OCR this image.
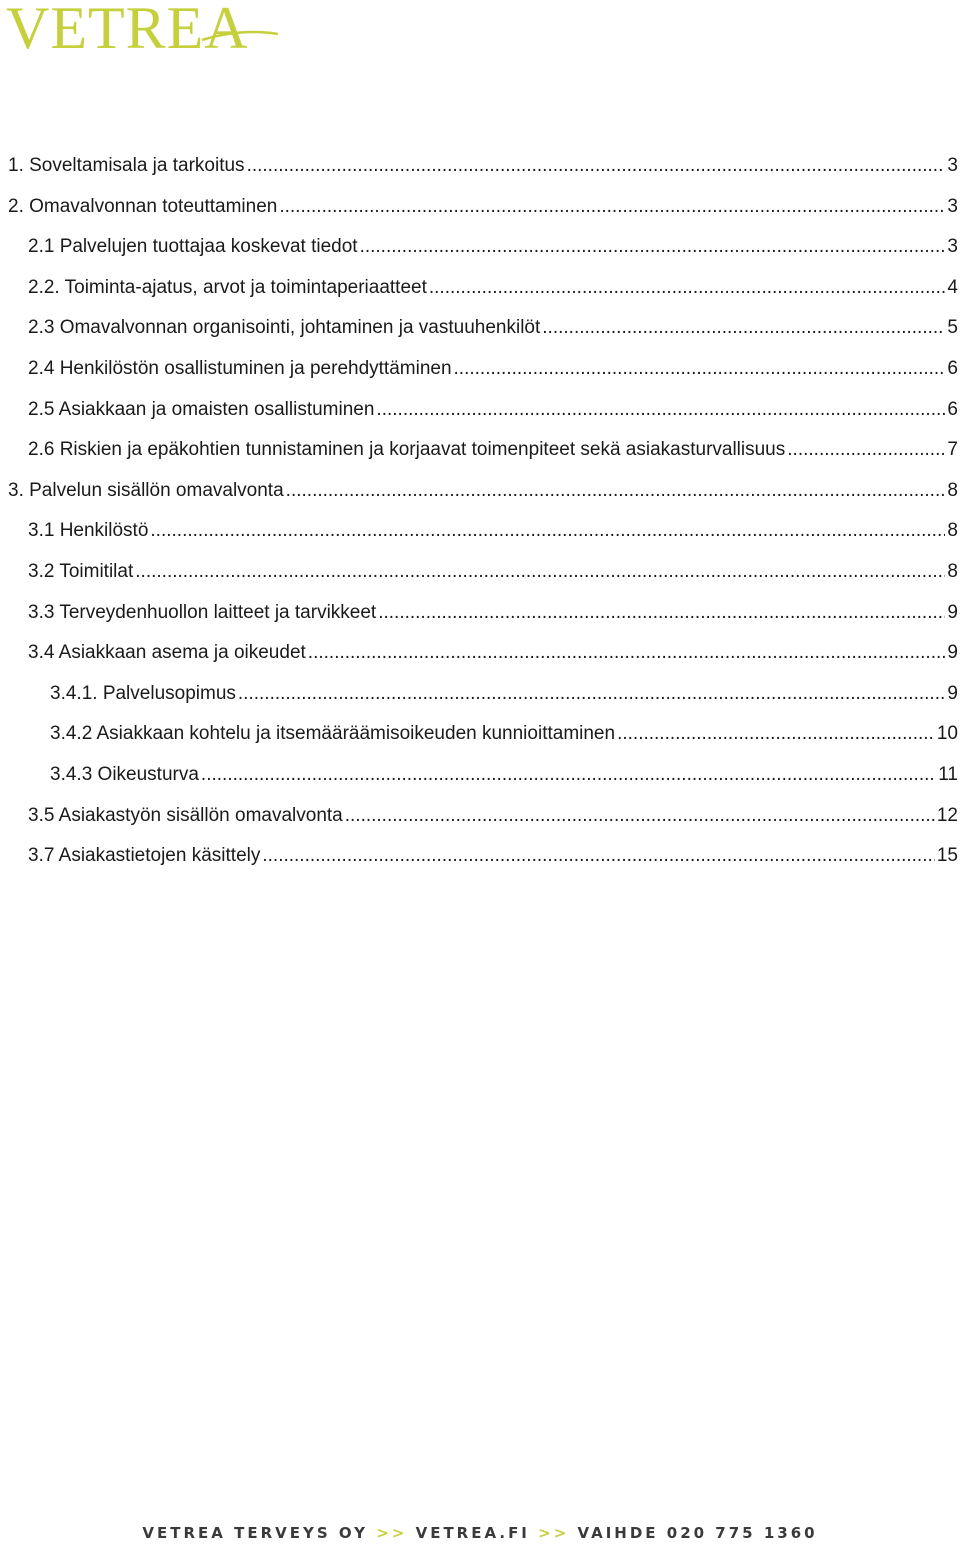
VETREA
1. Soveltamisala ja tarkoitus .....	3
2. Omavalvonnan toteuttaminen .....	3
2.1 Palvelujen tuottajaa koskevat tiedot .....	3
2.2. Toiminta-ajatus, arvot ja toimintaperiaatteet .....	4
2.3 Omavalvonnan organisointi, johtaminen ja vastuuhenkilöt .....	5
2.4 Henkilöstön osallistuminen ja perehdyttäminen .....	6
2.5 Asiakkaan ja omaisten osallistuminen .....	6
2.6 Riskien ja epäkohtien tunnistaminen ja korjaavat toimenpiteet sekä asiakasturvallisuus .....	7
3. Palvelun sisällön omavalvonta .....	8
3.1 Henkilöstö .....	8
3.2 Toimitilat .....	8
3.3 Terveydenhuollon laitteet ja tarvikkeet .....	9
3.4 Asiakkaan asema ja oikeudet .....	9
3.4.1. Palvelusopimus .....	9
3.4.2 Asiakkaan kohtelu ja itsemääräämisoikeuden kunnioittaminen .....	10
3.4.3 Oikeusturva .....	11
3.5 Asiakastyön sisällön omavalvonta .....	12
3.7 Asiakastietojen käsittely .....	15
VETREA TERVEYS OY >> VETREA.FI >> VAIHDE 020 775 1360
